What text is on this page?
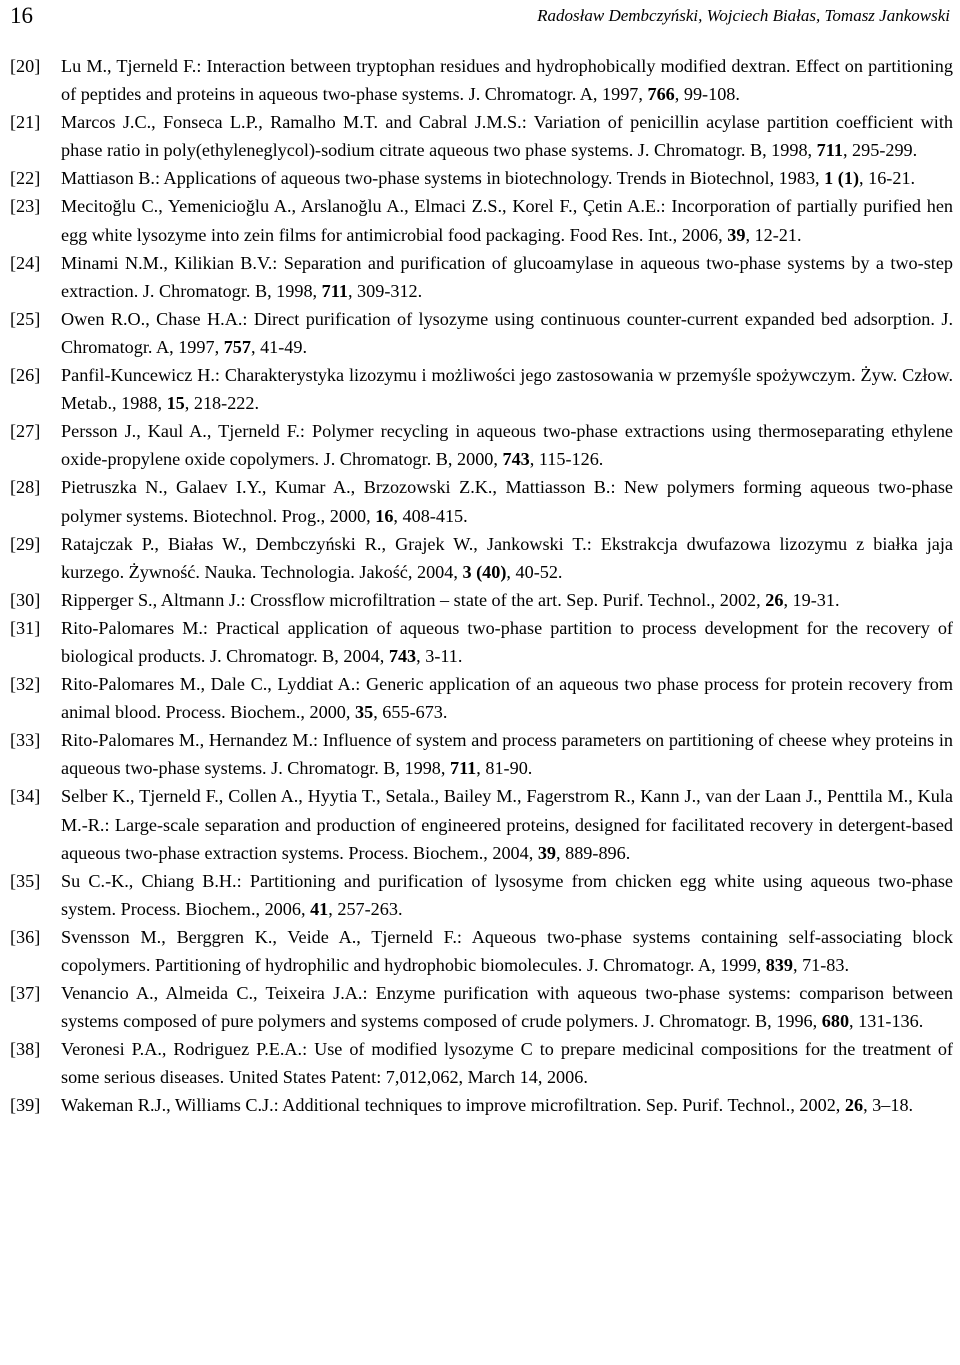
16	Radosław Dembczyński, Wojciech Białas, Tomasz Jankowski

[20] Lu M., Tjerneld F.: Interaction between tryptophan residues and hydrophobically modified dextran. Effect on partitioning of peptides and proteins in aqueous two-phase systems. J. Chromatogr. A, 1997, 766, 99-108.

[21] Marcos J.C., Fonseca L.P., Ramalho M.T. and Cabral J.M.S.: Variation of penicillin acylase partition coefficient with phase ratio in poly(ethyleneglycol)-sodium citrate aqueous two phase systems. J. Chromatogr. B, 1998, 711, 295-299.

[22] Mattiason B.: Applications of aqueous two-phase systems in biotechnology. Trends in Biotechnol, 1983, 1 (1), 16-21.

[23] Mecitoğlu C., Yemenicioğlu A., Arslanoğlu A., Elmaci Z.S., Korel F., Çetin A.E.: Incorporation of partially purified hen egg white lysozyme into zein films for antimicrobial food packaging. Food Res. Int., 2006, 39, 12-21.

[24] Minami N.M., Kilikian B.V.: Separation and purification of glucoamylase in aqueous two-phase systems by a two-step extraction. J. Chromatogr. B, 1998, 711, 309-312.

[25] Owen R.O., Chase H.A.: Direct purification of lysozyme using continuous counter-current expanded bed adsorption. J. Chromatogr. A, 1997, 757, 41-49.

[26] Panfil-Kuncewicz H.: Charakterystyka lizozymu i możliwości jego zastosowania w przemyśle spożywczym. Żyw. Człow. Metab., 1988, 15, 218-222.

[27] Persson J., Kaul A., Tjerneld F.: Polymer recycling in aqueous two-phase extractions using thermoseparating ethylene oxide-propylene oxide copolymers. J. Chromatogr. B, 2000, 743, 115-126.

[28] Pietruszka N., Galaev I.Y., Kumar A., Brzozowski Z.K., Mattiasson B.: New polymers forming aqueous two-phase polymer systems. Biotechnol. Prog., 2000, 16, 408-415.

[29] Ratajczak P., Białas W., Dembczyński R., Grajek W., Jankowski T.: Ekstrakcja dwufazowa lizozymu z białka jaja kurzego. Żywność. Nauka. Technologia. Jakość, 2004, 3 (40), 40-52.

[30] Ripperger S., Altmann J.: Crossflow microfiltration – state of the art. Sep. Purif. Technol., 2002, 26, 19-31.

[31] Rito-Palomares M.: Practical application of aqueous two-phase partition to process development for the recovery of biological products. J. Chromatogr. B, 2004, 743, 3-11.

[32] Rito-Palomares M., Dale C., Lyddiat A.: Generic application of an aqueous two phase process for protein recovery from animal blood. Process. Biochem., 2000, 35, 655-673.

[33] Rito-Palomares M., Hernandez M.: Influence of system and process parameters on partitioning of cheese whey proteins in aqueous two-phase systems. J. Chromatogr. B, 1998, 711, 81-90.

[34] Selber K., Tjerneld F., Collen A., Hyytia T., Setala., Bailey M., Fagerstrom R., Kann J., van der Laan J., Penttila M., Kula M.-R.: Large-scale separation and production of engineered proteins, designed for facilitated recovery in detergent-based aqueous two-phase extraction systems. Process. Biochem., 2004, 39, 889-896.

[35] Su C.-K., Chiang B.H.: Partitioning and purification of lysosyme from chicken egg white using aqueous two-phase system. Process. Biochem., 2006, 41, 257-263.

[36] Svensson M., Berggren K., Veide A., Tjerneld F.: Aqueous two-phase systems containing self-associating block copolymers. Partitioning of hydrophilic and hydrophobic biomolecules. J. Chromatogr. A, 1999, 839, 71-83.

[37] Venancio A., Almeida C., Teixeira J.A.: Enzyme purification with aqueous two-phase systems: comparison between systems composed of pure polymers and systems composed of crude polymers. J. Chromatogr. B, 1996, 680, 131-136.

[38] Veronesi P.A., Rodriguez P.E.A.: Use of modified lysozyme C to prepare medicinal compositions for the treatment of some serious diseases. United States Patent: 7,012,062, March 14, 2006.

[39] Wakeman R.J., Williams C.J.: Additional techniques to improve microfiltration. Sep. Purif. Technol., 2002, 26, 3–18.
